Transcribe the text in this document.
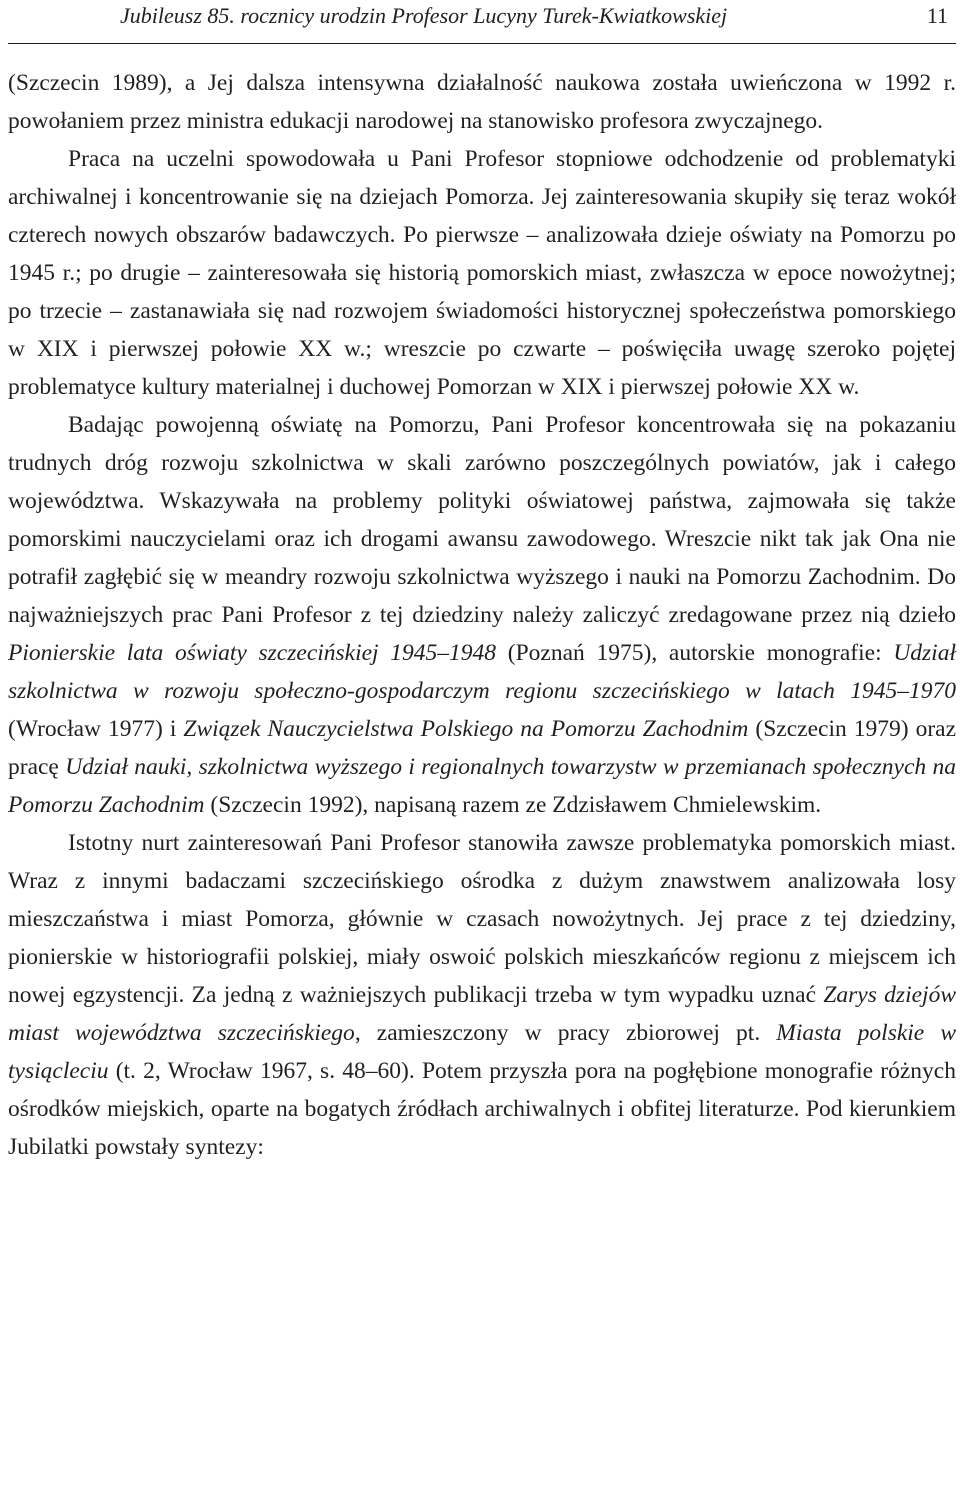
Jubileusz 85. rocznicy urodzin Profesor Lucyny Turek-Kwiatkowskiej	11

(Szczecin 1989), a Jej dalsza intensywna działalność naukowa została uwieńczona w 1992 r. powołaniem przez ministra edukacji narodowej na stanowisko profesora zwyczajnego.

Praca na uczelni spowodowała u Pani Profesor stopniowe odchodzenie od problematyki archiwalnej i koncentrowanie się na dziejach Pomorza. Jej zainteresowania skupiły się teraz wokół czterech nowych obszarów badawczych. Po pierwsze – analizowała dzieje oświaty na Pomorzu po 1945 r.; po drugie – zainteresowała się historią pomorskich miast, zwłaszcza w epoce nowożytnej; po trzecie – zastanawiała się nad rozwojem świadomości historycznej społeczeństwa pomorskiego w XIX i pierwszej połowie XX w.; wreszcie po czwarte – poświęciła uwagę szeroko pojętej problematyce kultury materialnej i duchowej Pomorzan w XIX i pierwszej połowie XX w.

Badając powojenną oświatę na Pomorzu, Pani Profesor koncentrowała się na pokazaniu trudnych dróg rozwoju szkolnictwa w skali zarówno poszczególnych powiatów, jak i całego województwa. Wskazywała na problemy polityki oświatowej państwa, zajmowała się także pomorskimi nauczycielami oraz ich drogami awansu zawodowego. Wreszcie nikt tak jak Ona nie potrafił zagłębić się w meandry rozwoju szkolnictwa wyższego i nauki na Pomorzu Zachodnim. Do najważniejszych prac Pani Profesor z tej dziedziny należy zaliczyć zredagowane przez nią dzieło Pionierskie lata oświaty szczecińskiej 1945–1948 (Poznań 1975), autorskie monografie: Udział szkolnictwa w rozwoju społeczno-gospodarczym regionu szczecińskiego w latach 1945–1970 (Wrocław 1977) i Związek Nauczycielstwa Polskiego na Pomorzu Zachodnim (Szczecin 1979) oraz pracę Udział nauki, szkolnictwa wyższego i regionalnych towarzystw w przemianach społecznych na Pomorzu Zachodnim (Szczecin 1992), napisaną razem ze Zdzisławem Chmielewskim.

Istotny nurt zainteresowań Pani Profesor stanowiła zawsze problematyka pomorskich miast. Wraz z innymi badaczami szczecińskiego ośrodka z dużym znawstwem analizowała losy mieszczaństwa i miast Pomorza, głównie w czasach nowożytnych. Jej prace z tej dziedziny, pionierskie w historiografii polskiej, miały oswoić polskich mieszkańców regionu z miejscem ich nowej egzystencji. Za jedną z ważniejszych publikacji trzeba w tym wypadku uznać Zarys dziejów miast województwa szczecińskiego, zamieszczony w pracy zbiorowej pt. Miasta polskie w tysiącleciu (t. 2, Wrocław 1967, s. 48–60). Potem przyszła pora na pogłębione monografie różnych ośrodków miejskich, oparte na bogatych źródłach archiwalnych i obfitej literaturze. Pod kierunkiem Jubilatki powstały syntezy:
